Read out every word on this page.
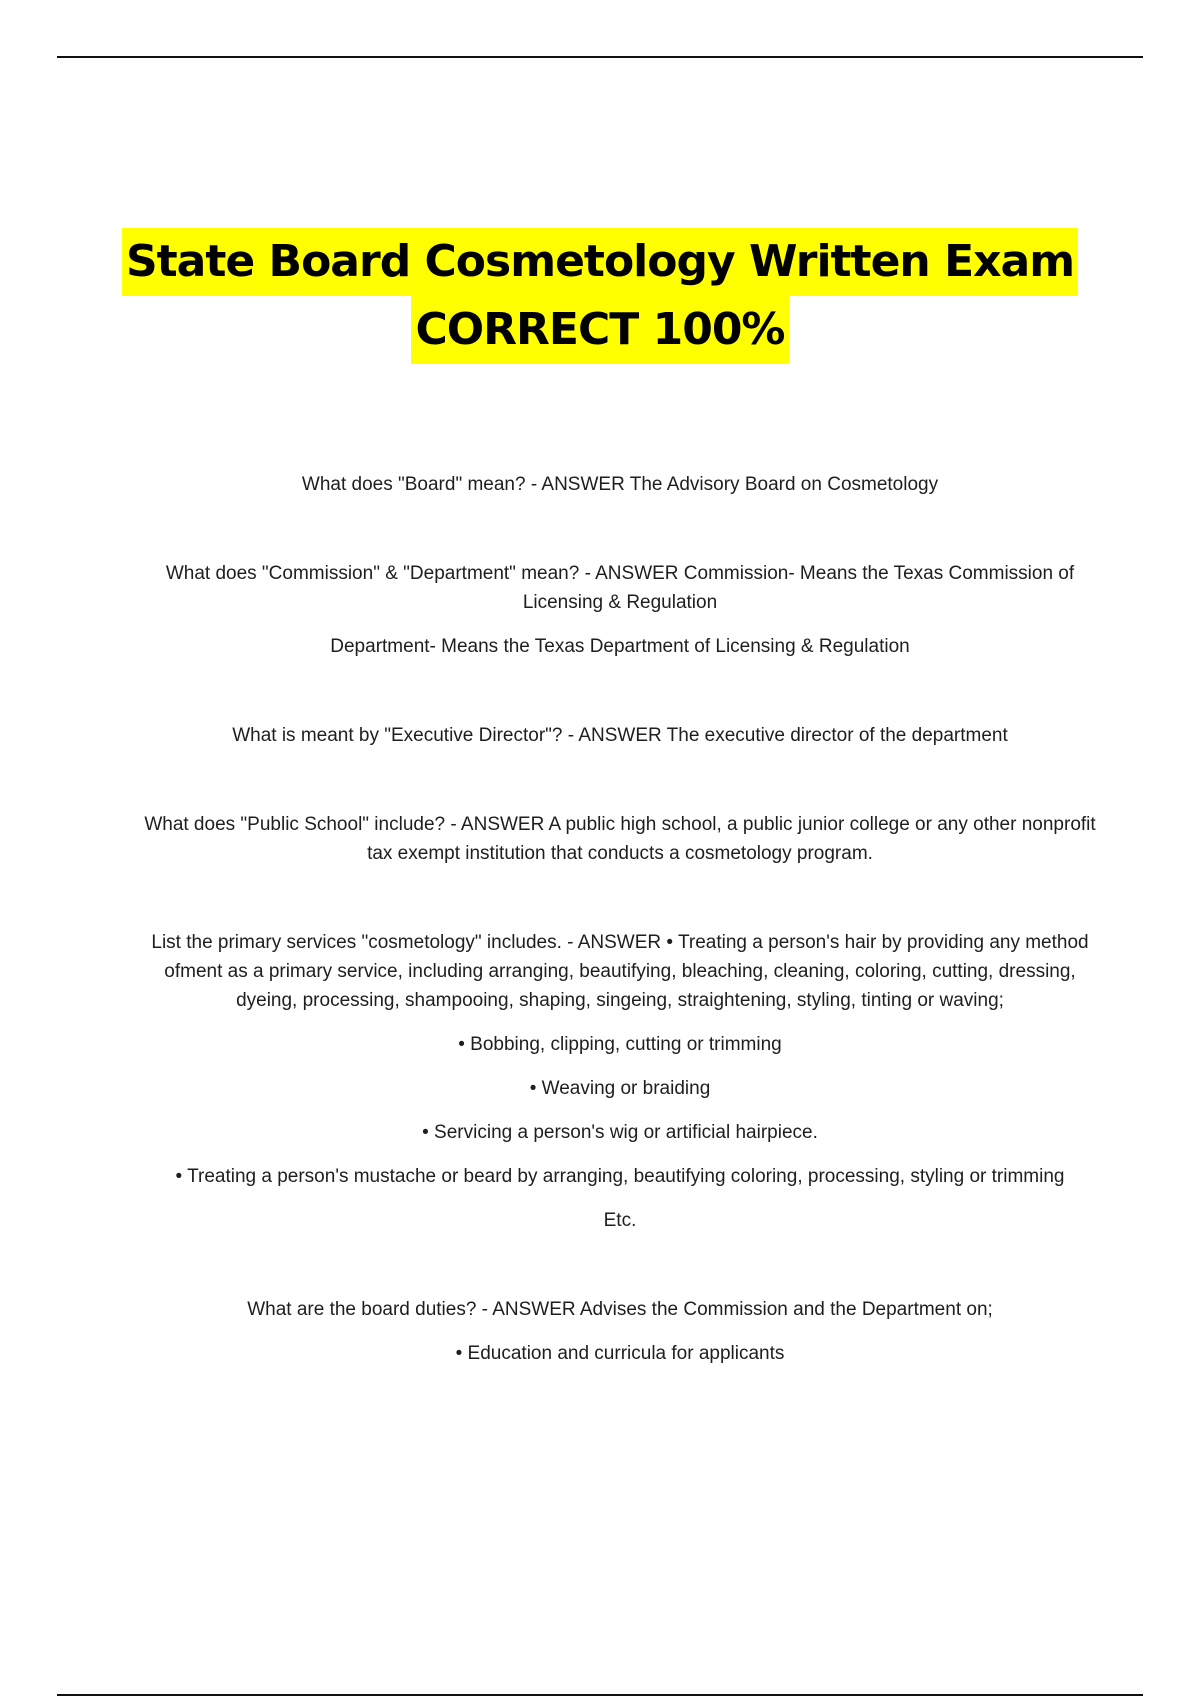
State Board Cosmetology Written Exam
CORRECT 100%

What does "Board" mean? - ANSWER The Advisory Board on Cosmetology

What does "Commission" & "Department" mean? - ANSWER Commission- Means the Texas Commission of Licensing & Regulation

Department- Means the Texas Department of Licensing & Regulation

What is meant by "Executive Director"? - ANSWER The executive director of the department

What does "Public School" include? - ANSWER A public high school, a public junior college or any other nonprofit tax exempt institution that conducts a cosmetology program.

List the primary services "cosmetology" includes. - ANSWER • Treating a person's hair by providing any method ofment as a primary service, including arranging, beautifying, bleaching, cleaning, coloring, cutting, dressing, dyeing, processing, shampooing, shaping, singeing, straightening, styling, tinting or waving;

• Bobbing, clipping, cutting or trimming

• Weaving or braiding

• Servicing a person's wig or artificial hairpiece.

• Treating a person's mustache or beard by arranging, beautifying coloring, processing, styling or trimming

Etc.

What are the board duties? - ANSWER Advises the Commission and the Department on;

• Education and curricula for applicants
